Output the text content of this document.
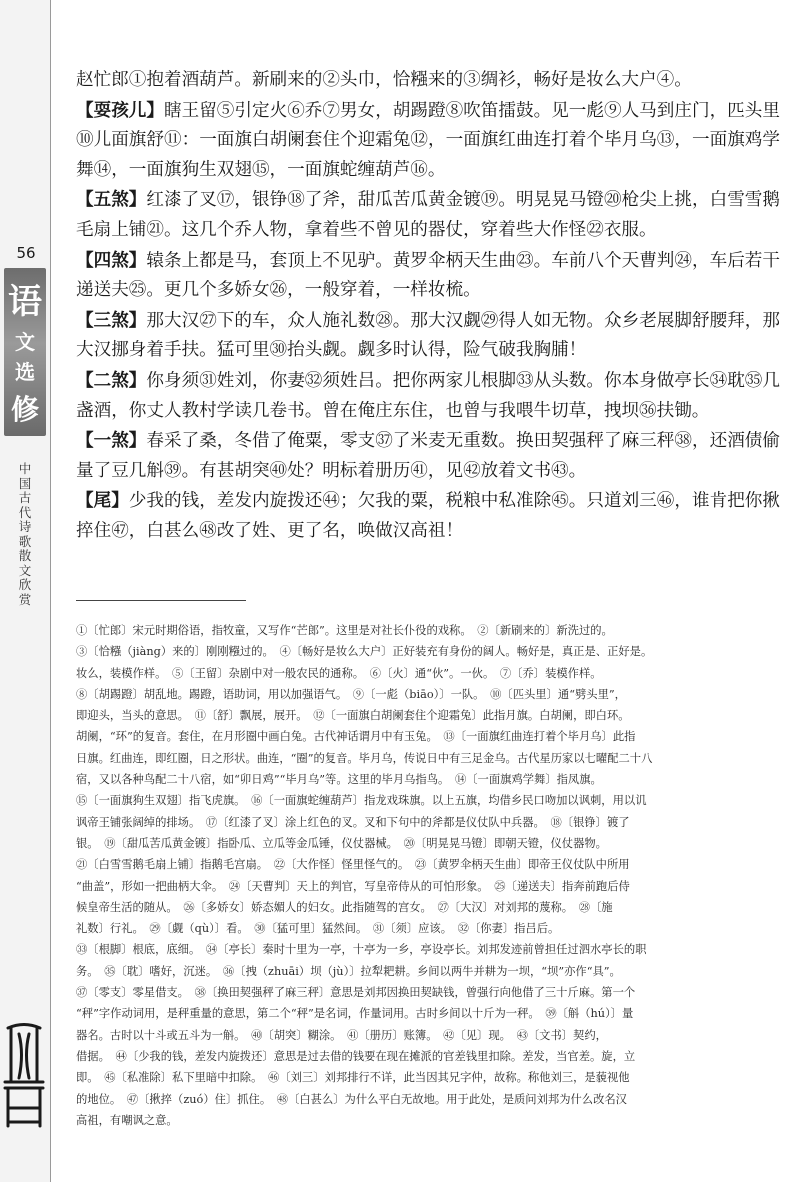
56
语
文
选
修
中国古代诗歌散文欣赏

赵忙郎①抱着酒葫芦。新刷来的②头巾，恰糨来的③绸衫，畅好是妆么大户④。

【耍孩儿】瞎王留⑤引定火⑥乔⑦男女，胡踢蹬⑧吹笛擂鼓。见一彪⑨人马到庄门，匹头里⑩儿面旗舒⑪：一面旗白胡阑套住个迎霜兔⑫，一面旗红曲连打着个毕月乌⑬，一面旗鸡学舞⑭，一面旗狗生双翅⑮，一面旗蛇缠葫芦⑯。

【五煞】红漆了叉⑰，银铮⑱了斧，甜瓜苦瓜黄金镀⑲。明晃晃马镫⑳枪尖上挑，白雪雪鹅毛扇上铺㉑。这几个乔人物，拿着些不曾见的器仗，穿着些大作怪㉒衣服。

【四煞】辕条上都是马，套顶上不见驴。黄罗伞柄天生曲㉓。车前八个天曹判㉔，车后若干递送夫㉕。更几个多娇女㉖，一般穿着，一样妆梳。

【三煞】那大汉㉗下的车，众人施礼数㉘。那大汉觑㉙得人如无物。众乡老展脚舒腰拜，那大汉挪身着手扶。猛可里㉚抬头觑。觑多时认得，险气破我胸脯！

【二煞】你身须㉛姓刘，你妻㉜须姓吕。把你两家儿根脚㉝从头数。你本身做亭长㉞耽㉟几盏酒，你丈人教村学读几卷书。曾在俺庄东住，也曾与我喂牛切草，拽坝㊱扶锄。

【一煞】春采了桑，冬借了俺粟，零支㊲了米麦无重数。换田契强秤了麻三秤㊳，还酒债偷量了豆几斛㊴。有甚胡突㊵处？明标着册历㊶，见㊷放着文书㊸。

【尾】少我的钱，差发内旋拨还㊹；欠我的粟，税粮中私准除㊺。只道刘三㊻，谁肯把你揪捽住㊼，白甚么㊽改了姓、更了名，唤做汉高祖！

①〔忙郎〕宋元时期俗语，指牧童，又写作“芒郎”。这里是对社长仆役的戏称。　②〔新刷来的〕新洗过的。

③〔恰糨（jiàng）来的〕刚刚糨过的。　④〔畅好是妆么大户〕正好装充有身份的阔人。畅好是，真正是、正好是。

妆么，装模作样。　⑤〔王留〕杂剧中对一般农民的通称。　⑥〔火〕通“伙”。一伙。　⑦〔乔〕装模作样。

⑧〔胡踢蹬〕胡乱地。踢蹬，语助词，用以加强语气。　⑨〔一彪（biāo）〕一队。　⑩〔匹头里〕通“劈头里”，

即迎头，当头的意思。　⑪〔舒〕飘展，展开。　⑫〔一面旗白胡阑套住个迎霜兔〕此指月旗。白胡阑，即白环。

胡阑，“环”的复音。套住，在月形圈中画白兔。古代神话谓月中有玉兔。　⑬〔一面旗红曲连打着个毕月乌〕此指

日旗。红曲连，即红圈，日之形状。曲连，“圈”的复音。毕月乌，传说日中有三足金乌。古代星历家以七曜配二十八

宿，又以各种鸟配二十八宿，如“卯日鸡”“毕月乌”等。这里的毕月乌指鸟。　⑭〔一面旗鸡学舞〕指凤旗。

⑮〔一面旗狗生双翅〕指飞虎旗。　⑯〔一面旗蛇缠葫芦〕指龙戏珠旗。以上五旗，均借乡民口吻加以讽刺，用以讥

讽帝王铺张阔绰的排场。　⑰〔红漆了叉〕涂上红色的叉。叉和下句中的斧都是仪仗队中兵器。　⑱〔银铮〕镀了

银。　⑲〔甜瓜苦瓜黄金镀〕指卧瓜、立瓜等金瓜锤，仪仗器械。　⑳〔明晃晃马镫〕即朝天镫，仪仗器物。

㉑〔白雪雪鹅毛扇上铺〕指鹅毛宫扇。　㉒〔大作怪〕怪里怪气的。　㉓〔黄罗伞柄天生曲〕即帝王仪仗队中所用

“曲盖”，形如一把曲柄大伞。　㉔〔天曹判〕天上的判官，写皇帝侍从的可怕形象。　㉕〔递送夫〕指奔前跑后侍

候皇帝生活的随从。　㉖〔多娇女〕娇态媚人的妇女。此指随驾的宫女。　㉗〔大汉〕对刘邦的蔑称。　㉘〔施

礼数〕行礼。　㉙〔觑（qù）〕看。　㉚〔猛可里〕猛然间。　㉛〔须〕应该。　㉜〔你妻〕指吕后。

㉝〔根脚〕根底，底细。　㉞〔亭长〕秦时十里为一亭，十亭为一乡，亭设亭长。刘邦发迹前曾担任过泗水亭长的职

务。　㉟〔耽〕嗜好，沉迷。　㊱〔拽（zhuāi）坝（jù）〕拉犁耙耕。乡间以两牛并耕为一坝，“坝”亦作“具”。

㊲〔零支〕零星借支。　㊳〔换田契强秤了麻三秤〕意思是刘邦因换田契缺钱，曾强行向他借了三十斤麻。第一个

“秤”字作动词用，是秤重量的意思，第二个“秤”是名词，作量词用。古时乡间以十斤为一秤。　㊴〔斛（hú）〕量

器名。古时以十斗或五斗为一斛。　㊵〔胡突〕糊涂。　㊶〔册历〕账簿。　㊷〔见〕现。　㊸〔文书〕契约，

借据。　㊹〔少我的钱，差发内旋拨还〕意思是过去借的钱要在现在摊派的官差钱里扣除。差发，当官差。旋，立

即。　㊺〔私准除〕私下里暗中扣除。　㊻〔刘三〕刘邦排行不详，此当因其兄字仲，故称。称他刘三，是藐视他

的地位。　㊼〔揪捽（zuó）住〕抓住。　㊽〔白甚么〕为什么平白无故地。用于此处，是质问刘邦为什么改名汉

高祖，有嘲讽之意。
